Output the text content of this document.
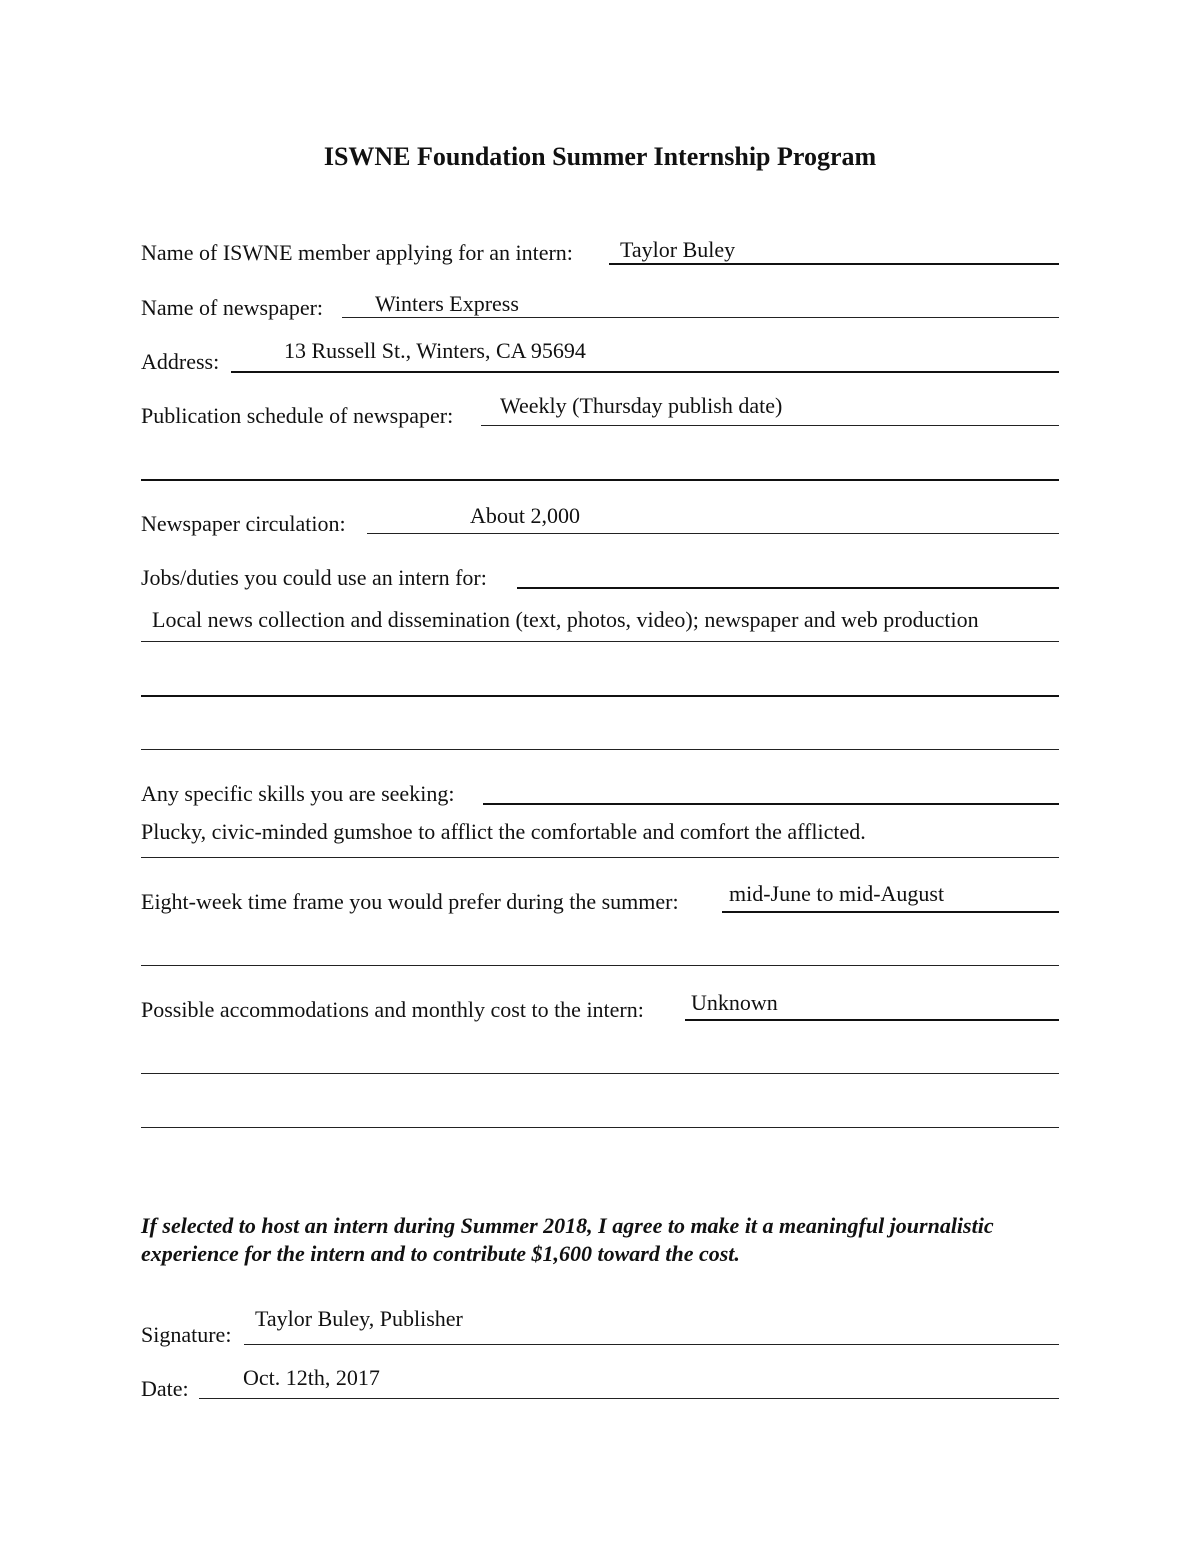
ISWNE Foundation Summer Internship Program
Name of ISWNE member applying for an intern: Taylor Buley
Name of newspaper: Winters Express
Address:	13 Russell St., Winters, CA 95694
Publication schedule of newspaper: Weekly (Thursday publish date)
Newspaper circulation:	About 2,000
Jobs/duties you could use an intern for:
Local news collection and dissemination (text, photos, video); newspaper and web production
Any specific skills you are seeking:
Plucky, civic-minded gumshoe to afflict the comfortable and comfort the afflicted.
Eight-week time frame you would prefer during the summer: mid-June to mid-August
Possible accommodations and monthly cost to the intern: Unknown
If selected to host an intern during Summer 2018, I agree to make it a meaningful journalistic experience for the intern and to contribute $1,600 toward the cost.
Signature:
Taylor Buley, Publisher
Date: Oct. 12th, 2017
